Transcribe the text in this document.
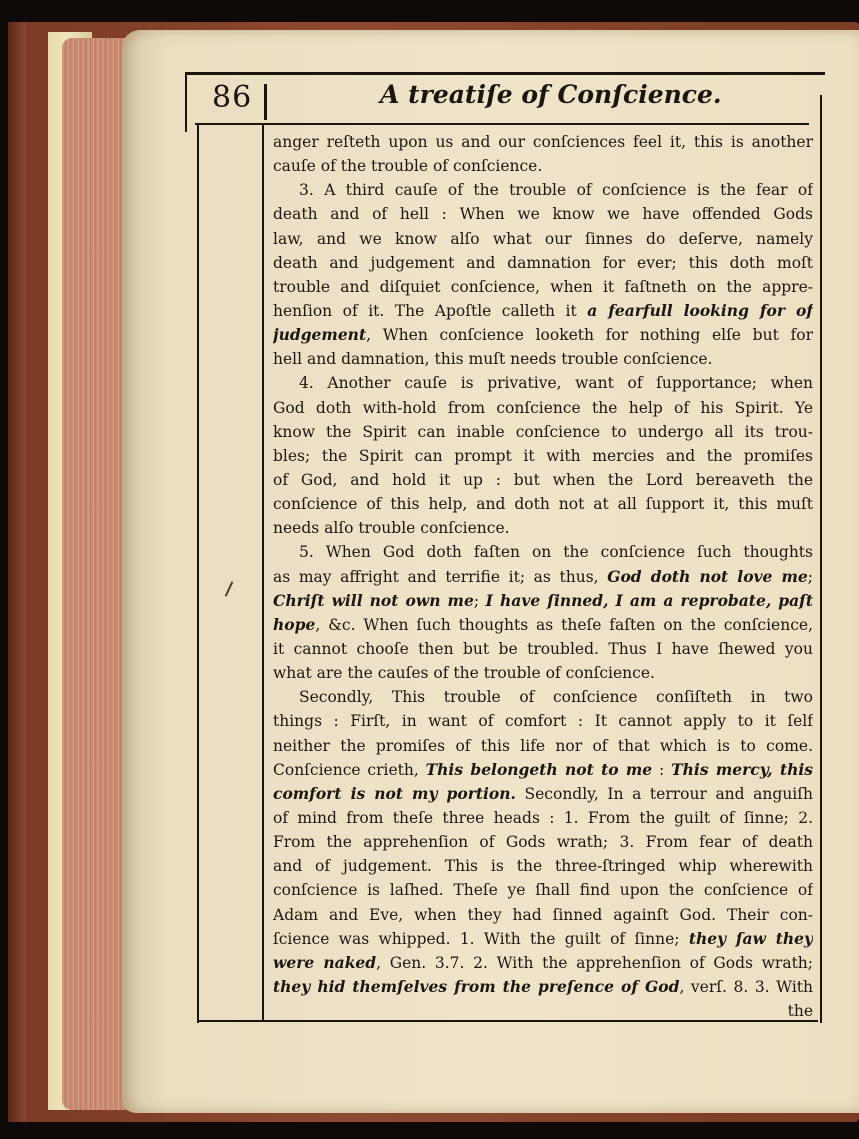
86	A treatiſe of Conſcience.
anger reſteth upon us and our conſciences feel it, this is another
cauſe of the trouble of conſcience.
3. A third cauſe of the trouble of conſcience is the fear of
death and of hell : When we know we have offended Gods
law, and we know alſo what our ſinnes do deſerve, namely
death and judgement and damnation for ever; this doth moſt
trouble and diſquiet conſcience, when it faſtneth on the appre-
henſion of it. The Apoſtle calleth it a fearfull looking for of
judgement, When conſcience looketh for nothing elſe but for
hell and damnation, this muſt needs trouble conſcience.
4. Another cauſe is privative, want of ſupportance; when
God doth with-hold from conſcience the help of his Spirit. Ye
know the Spirit can inable conſcience to undergo all its trou-
bles; the Spirit can prompt it with mercies and the promiſes
of God, and hold it up : but when the Lord bereaveth the
conſcience of this help, and doth not at all ſupport it, this muſt
needs alſo trouble conſcience.
5. When God doth faſten on the conſcience ſuch thoughts
as may affright and terrifie it; as thus, God doth not love me;
Chriſt will not own me; I have ſinned, I am a reprobate, paſt
hope, &c. When ſuch thoughts as theſe faſten on the conſcience,
it cannot chooſe then but be troubled. Thus I have ſhewed you
what are the cauſes of the trouble of conſcience.
Secondly, This trouble of conſcience conſiſteth in two
things : Firſt, in want of comfort : It cannot apply to it ſelf
neither the promiſes of this life nor of that which is to come.
Conſcience crieth, This belongeth not to me : This mercy, this
comfort is not my portion. Secondly, In a terrour and anguiſh
of mind from theſe three heads : 1. From the guilt of ſinne; 2.
From the apprehenſion of Gods wrath; 3. From fear of death
and of judgement. This is the three-ſtringed whip wherewith
conſcience is laſhed. Theſe ye ſhall find upon the conſcience of
Adam and Eve, when they had ſinned againſt God. Their con-
ſcience was whipped. 1. With the guilt of ſinne; they ſaw they
were naked, Gen. 3.7. 2. With the apprehenſion of Gods wrath;
they hid themſelves from the preſence of God, verſ. 8. 3. With
the
